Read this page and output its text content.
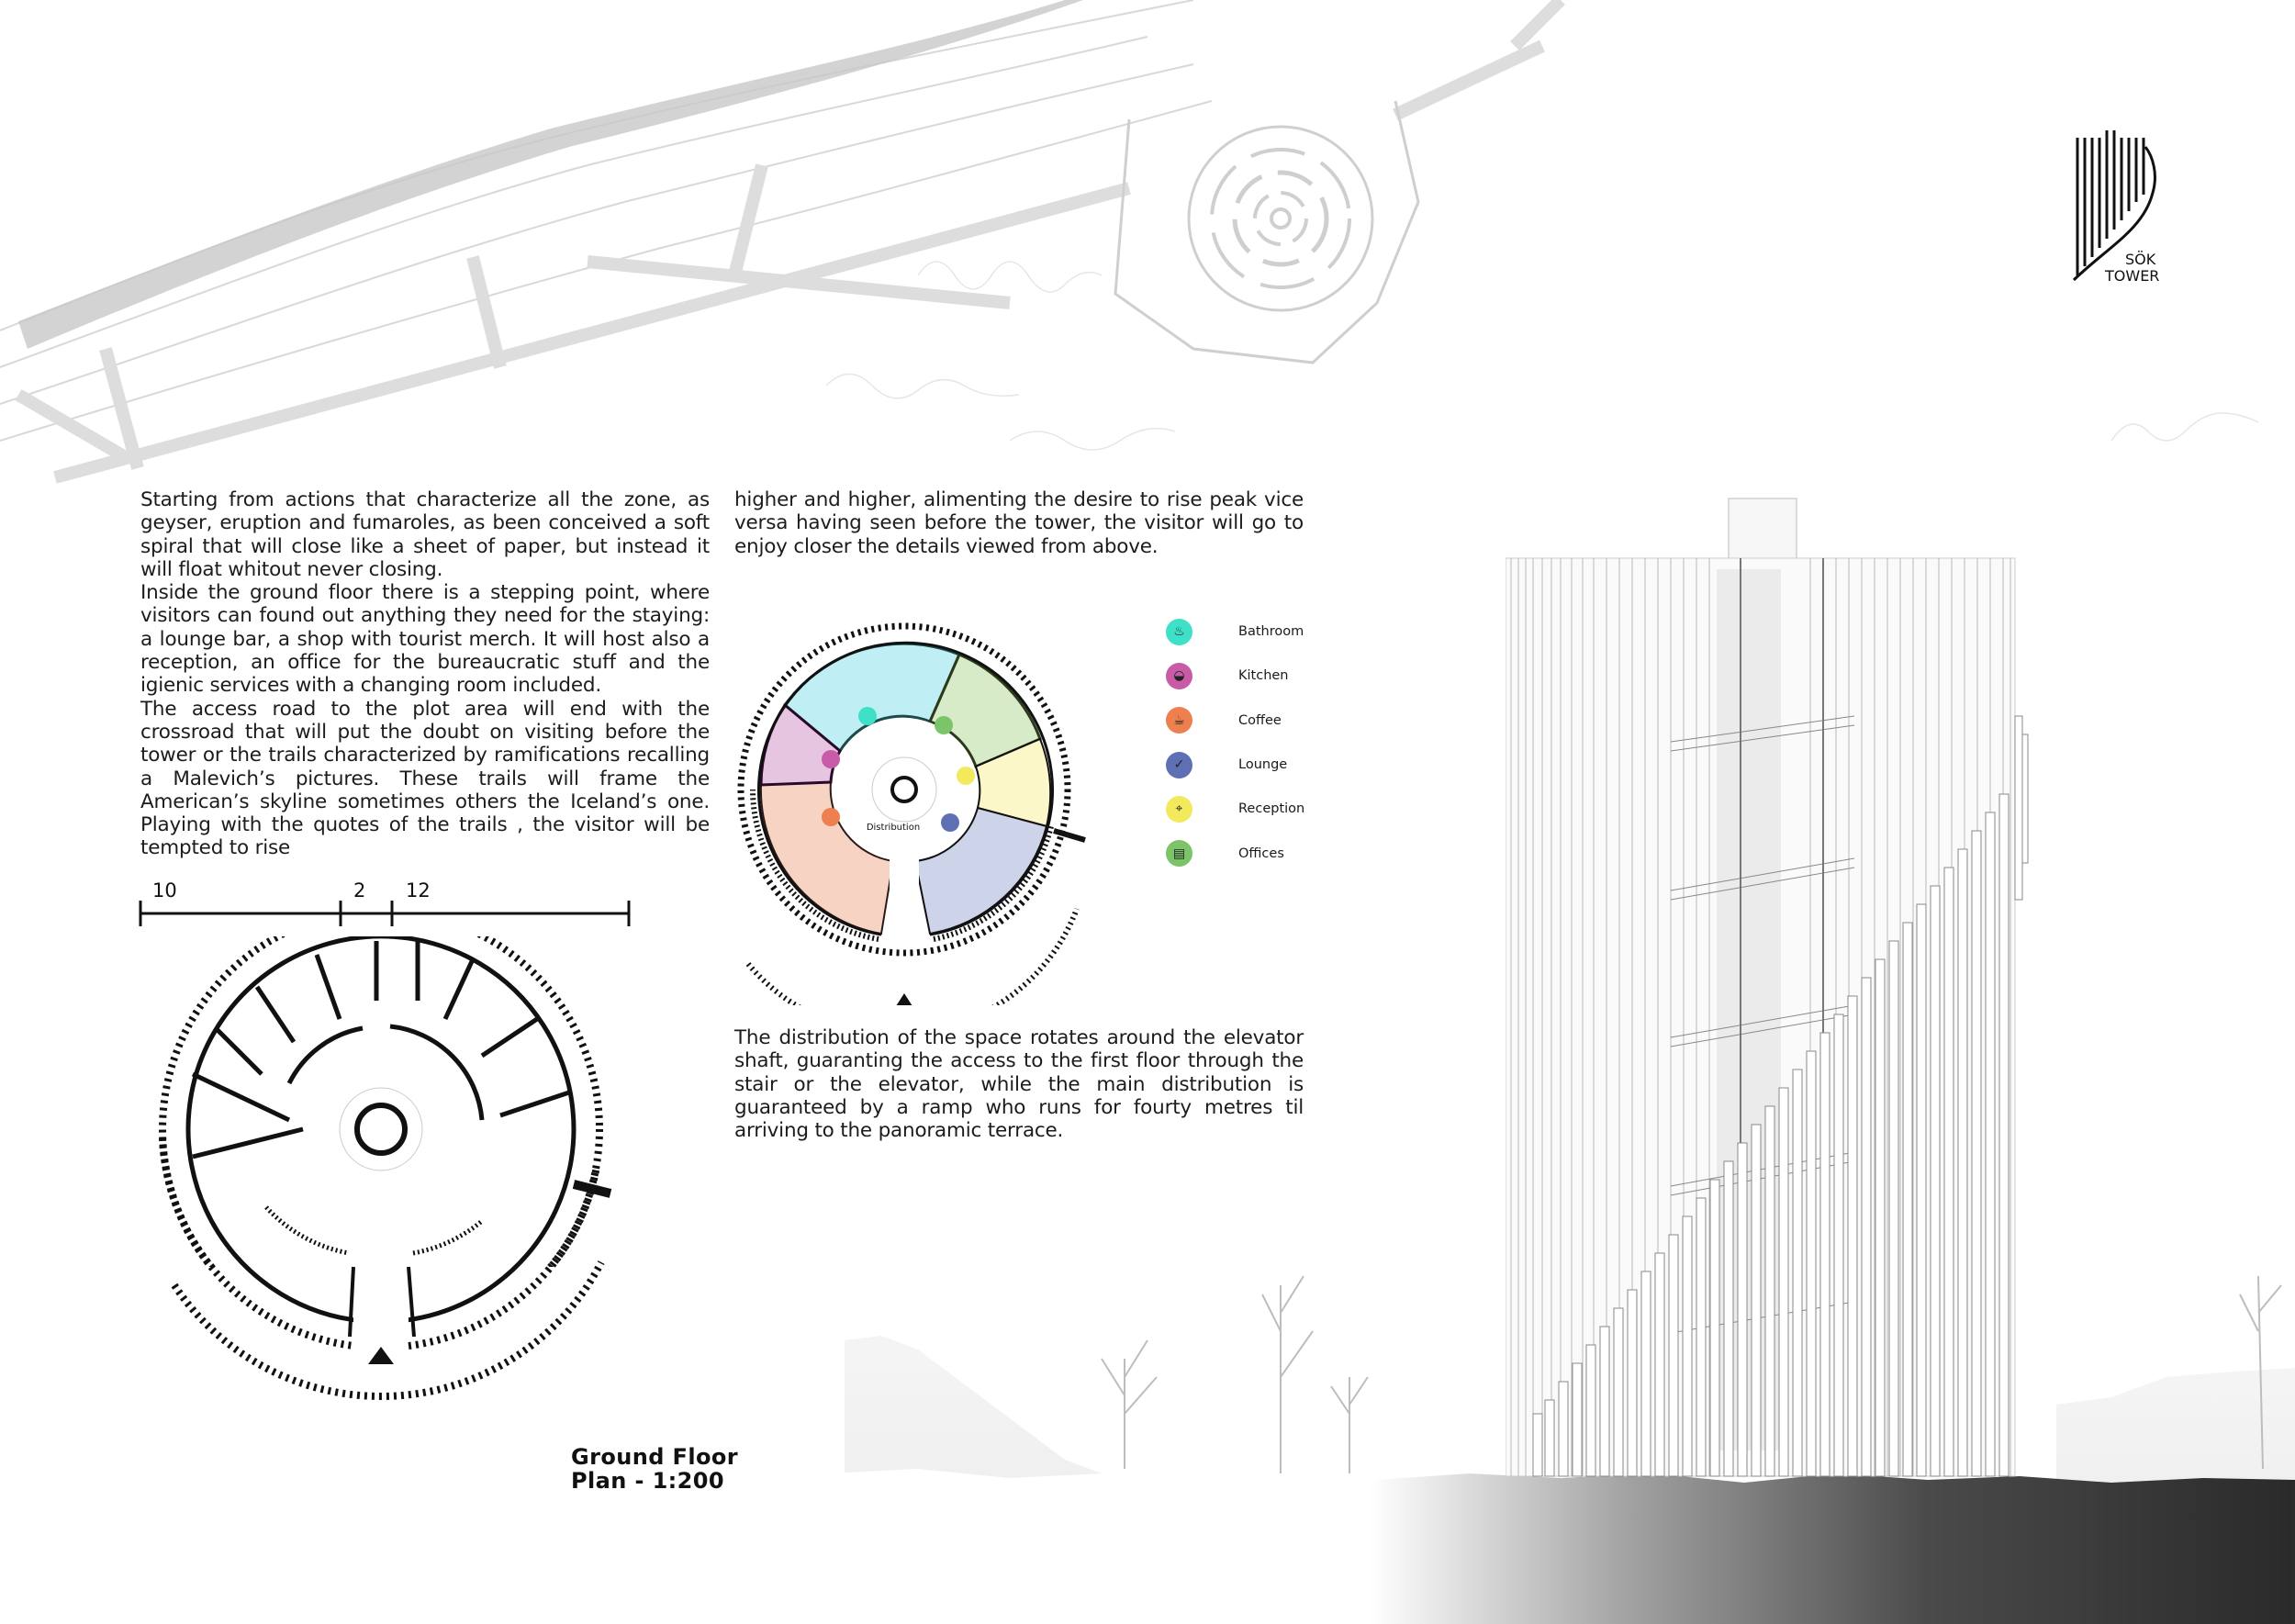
SÖK
TOWER

Starting from actions that characterize all the zone, as geyser, eruption and fumaroles, as been conceived a soft spiral that will close like a sheet of paper, but instead it will float whitout never closing.

Inside the ground floor there is a stepping point, where visitors can found out anything they need for the staying: a lounge bar, a shop with tourist merch. It will host also a reception, an office for the bureaucratic stuff and the igienic services with a changing room included.

The access road to the plot area will end with the crossroad that will put the doubt on visiting before the tower or the trails characterized by ramifications recalling a Malevich’s pictures. These trails will frame the American’s skyline sometimes others the Iceland’s one. Playing with the quotes of the trails , the visitor will be tempted to rise

higher and higher, alimenting the desire to rise peak vice versa having seen before the tower, the visitor will go to enjoy closer the details viewed from above.

The distribution of the space rotates around the elevator shaft, guaranting the access to the first floor through the stair or the elevator, while the main distribution is guaranteed by a ramp who runs for fourty metres til arriving to the panoramic terrace.

Distribution
♨	Bathroom
◒	Kitchen
☕	Coffee
✓	Lounge
⌖	Reception
▤	Offices
10	2 12
Ground Floor
Plan - 1:200
